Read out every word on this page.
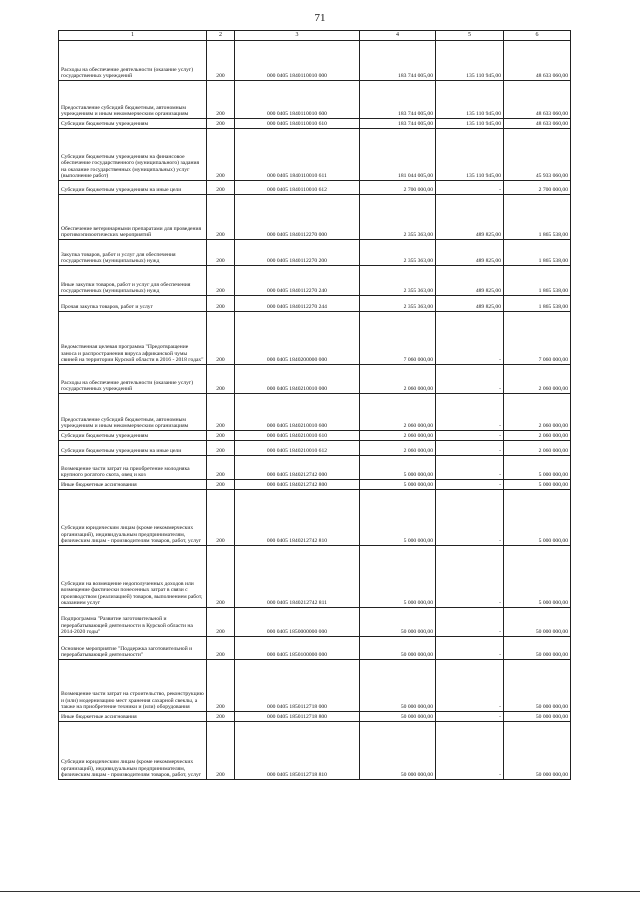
71
1	2	3	4	5	6
Расходы на обеспечение деятельности (оказание услуг) государственных учреждений	200	000 0405 1840110010 000	183 744 005,00	135 110 945,00	48 633 060,00
Предоставление субсидий бюджетным, автономным учреждениям и иным некоммерческим организациям	200	000 0405 1840110010 600	183 744 005,00	135 110 945,00	48 633 060,00
Субсидии бюджетным учреждениям	200	000 0405 1840110010 610	183 744 005,00	135 110 945,00	48 633 060,00
Субсидии бюджетным учреждениям на финансовое обеспечение государственного (муниципального) задания на оказание государственных (муниципальных) услуг (выполнение работ)	200	000 0405 1840110010 611	181 044 005,00	135 110 945,00	45 933 060,00
Субсидии бюджетным учреждениям на иные цели	200	000 0405 1840110010 612	2 700 000,00	-	2 700 000,00
Обеспечение ветеринарными препаратами для проведения противоэпизоотических мероприятий	200	000 0405 1840112270 000	2 355 363,00	489 825,00	1 865 538,00
Закупка товаров, работ и услуг для обеспечения государственных (муниципальных) нужд	200	000 0405 1840112270 200	2 355 363,00	489 825,00	1 865 538,00
Иные закупки товаров, работ и услуг для обеспечения государственных (муниципальных) нужд	200	000 0405 1840112270 240	2 355 363,00	489 825,00	1 865 538,00
Прочая закупка товаров, работ и услуг	200	000 0405 1840112270 244	2 355 363,00	489 825,00	1 865 538,00
Ведомственная целевая программа "Предотвращение заноса и распространения вируса африканской чумы свиней на территории Курской области в 2016 - 2018 годах"	200	000 0405 1840200000 000	7 060 000,00	-	7 060 000,00
Расходы на обеспечение деятельности (оказание услуг) государственных учреждений	200	000 0405 1840210010 000	2 060 000,00	-	2 060 000,00
Предоставление субсидий бюджетным, автономным учреждениям и иным некоммерческим организациям	200	000 0405 1840210010 600	2 060 000,00	-	2 060 000,00
Субсидии бюджетным учреждениям	200	000 0405 1840210010 610	2 060 000,00	-	2 060 000,00
Субсидии бюджетным учреждениям на иные цели	200	000 0405 1840210010 612	2 060 000,00	-	2 060 000,00
Возмещение части затрат на приобретение молодняка крупного рогатого скота, овец и коз	200	000 0405 1840212742 000	5 000 000,00	-	5 000 000,00
Иные бюджетные ассигнования	200	000 0405 1840212742 800	5 000 000,00	-	5 000 000,00
Субсидии юридическим лицам (кроме некоммерческих организаций), индивидуальным предпринимателям, физическим лицам - производителям товаров, работ, услуг	200	000 0405 1840212742 810	5 000 000,00	-	5 000 000,00
Субсидии на возмещение недополученных доходов или возмещение фактически понесенных затрат в связи с производством (реализацией) товаров, выполнением работ, оказанием услуг	200	000 0405 1840212742 811	5 000 000,00	-	5 000 000,00
Подпрограмма "Развитие заготовительной и перерабатывающей деятельности в Курской области на 2014-2020 годы"	200	000 0405 1850000000 000	50 000 000,00	-	50 000 000,00
Основное мероприятие "Поддержка заготовительной и перерабатывающей деятельности"	200	000 0405 1850100000 000	50 000 000,00	-	50 000 000,00
Возмещение части затрат на строительство, реконструкцию и (или) модернизацию мест хранения сахарной свеклы, а также на приобретение техники и (или) оборудования	200	000 0405 1850112718 000	50 000 000,00	-	50 000 000,00
Иные бюджетные ассигнования	200	000 0405 1850112718 800	50 000 000,00	-	50 000 000,00
Субсидии юридическим лицам (кроме некоммерческих организаций), индивидуальным предпринимателям, физическим лицам - производителям товаров, работ, услуг	200	000 0405 1850112718 810	50 000 000,00	-	50 000 000,00
